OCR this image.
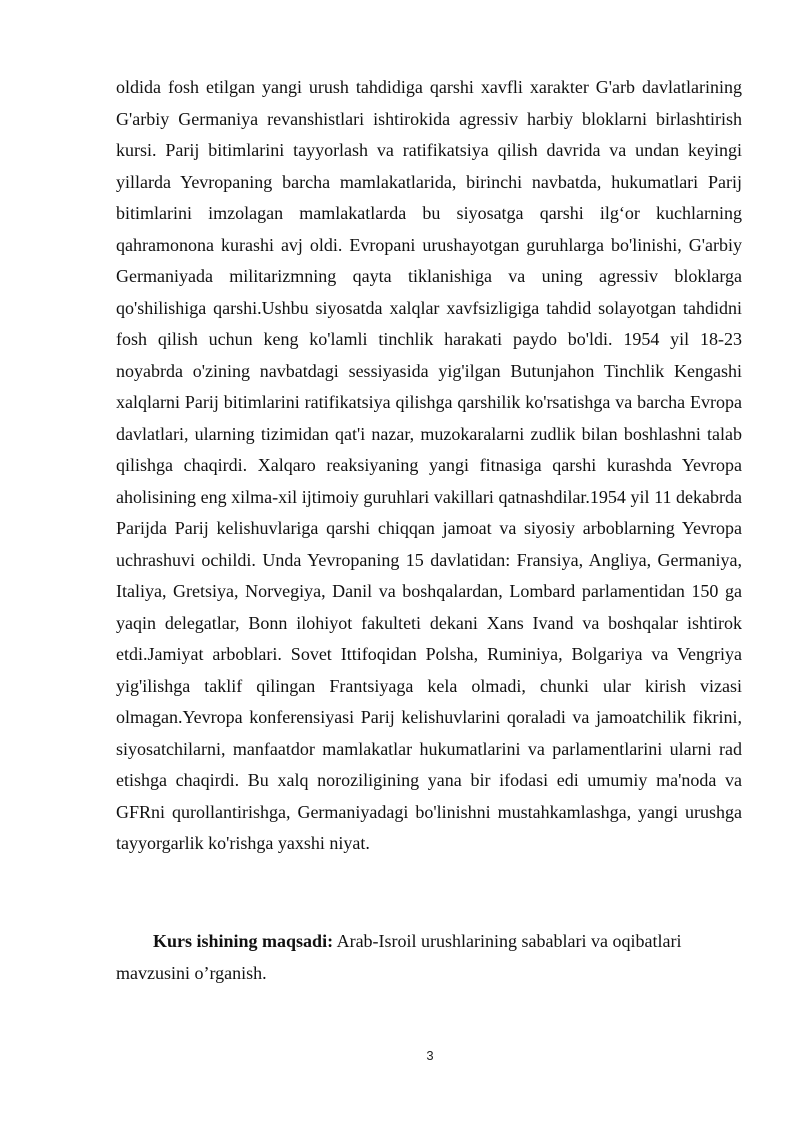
oldida fosh etilgan yangi urush tahdidiga qarshi xavfli xarakter G'arb davlatlarining G'arbiy Germaniya revanshistlari ishtirokida agressiv harbiy bloklarni birlashtirish kursi. Parij bitimlarini tayyorlash va ratifikatsiya qilish davrida va undan keyingi yillarda Yevropaning barcha mamlakatlarida, birinchi navbatda, hukumatlari Parij bitimlarini imzolagan mamlakatlarda bu siyosatga qarshi ilg‘or kuchlarning qahramonona kurashi avj oldi. Evropani urushayotgan guruhlarga bo'linishi, G'arbiy Germaniyada militarizmning qayta tiklanishiga va uning agressiv bloklarga qo'shilishiga qarshi.Ushbu siyosatda xalqlar xavfsizligiga tahdid solayotgan tahdidni fosh qilish uchun keng ko'lamli tinchlik harakati paydo bo'ldi. 1954 yil 18-23 noyabrda o'zining navbatdagi sessiyasida yig'ilgan Butunjahon Tinchlik Kengashi xalqlarni Parij bitimlarini ratifikatsiya qilishga qarshilik ko'rsatishga va barcha Evropa davlatlari, ularning tizimidan qat'i nazar, muzokaralarni zudlik bilan boshlashni talab qilishga chaqirdi. Xalqaro reaksiyaning yangi fitnasiga qarshi kurashda Yevropa aholisining eng xilma-xil ijtimoiy guruhlari vakillari qatnashdilar.1954 yil 11 dekabrda Parijda Parij kelishuvlariga qarshi chiqqan jamoat va siyosiy arboblarning Yevropa uchrashuvi ochildi. Unda Yevropaning 15 davlatidan: Fransiya, Angliya, Germaniya, Italiya, Gretsiya, Norvegiya, Danil va boshqalardan, Lombard parlamentidan 150 ga yaqin delegatlar, Bonn ilohiyot fakulteti dekani Xans Ivand va boshqalar ishtirok etdi.Jamiyat arboblari. Sovet Ittifoqidan Polsha, Ruminiya, Bolgariya va Vengriya yig'ilishga taklif qilingan Frantsiyaga kela olmadi, chunki ular kirish vizasi olmagan.Yevropa konferensiyasi Parij kelishuvlarini qoraladi va jamoatchilik fikrini, siyosatchilarni, manfaatdor mamlakatlar hukumatlarini va parlamentlarini ularni rad etishga chaqirdi. Bu xalq noroziligining yana bir ifodasi edi umumiy ma'noda va GFRni qurollantirishga, Germaniyadagi bo'linishni mustahkamlashga, yangi urushga tayyorgarlik ko'rishga yaxshi niyat.

Kurs ishining maqsadi: Arab-Isroil urushlarining sabablari va oqibatlari mavzusini o’rganish.

3
